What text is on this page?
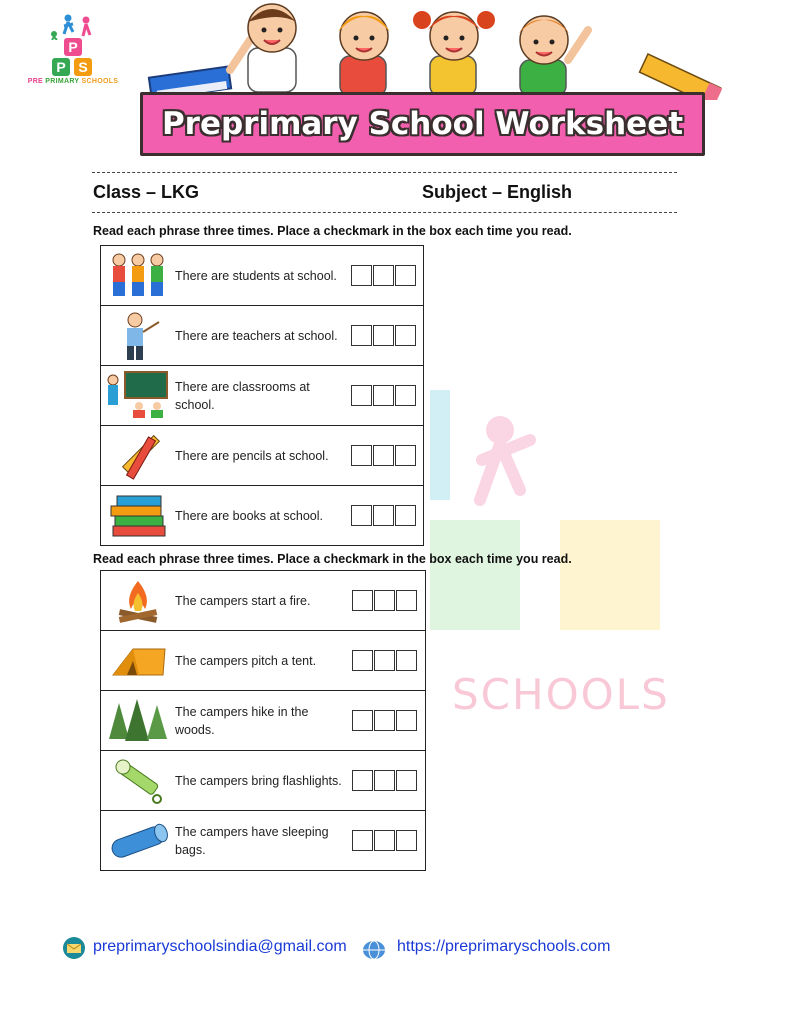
P
P S
PRE PRIMARY SCHOOLS
Preprimary School Worksheet
Class – LKG	Subject – English
SCHOOLS
Read each phrase three times. Place a checkmark in the box each time you read.
There are students at school.
There are teachers at school.
There are classrooms at school.
There are pencils at school.
There are books at school.
Read each phrase three times. Place a checkmark in the box each time you read.
The campers start a fire.
The campers pitch a tent.
The campers hike in the woods.
The campers bring flashlights.
The campers have sleeping bags.
preprimaryschoolsindia@gmail.com	https://preprimaryschools.com
